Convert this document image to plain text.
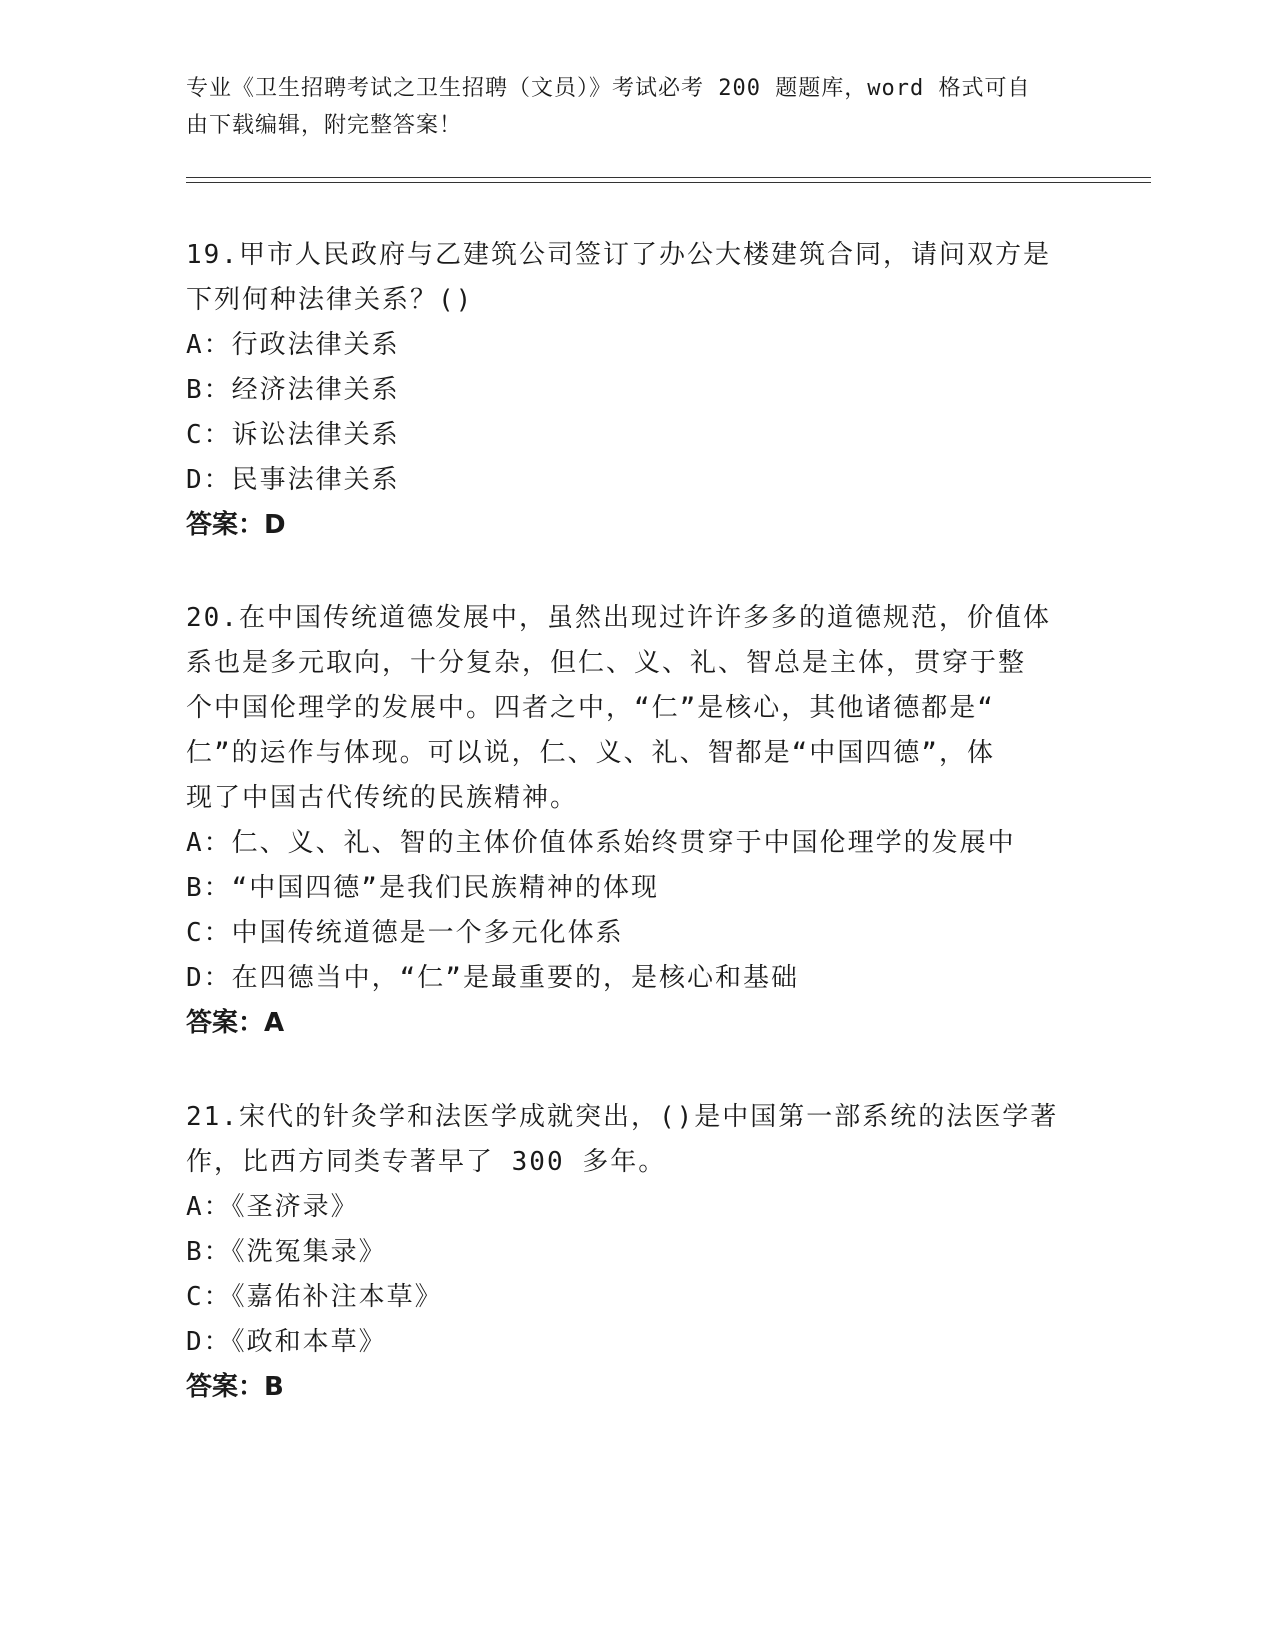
专业《卫生招聘考试之卫生招聘（文员）》考试必考 200 题题库，word 格式可自
由下载编辑，附完整答案！
19.甲市人民政府与乙建筑公司签订了办公大楼建筑合同，请问双方是
下列何种法律关系？()
A：行政法律关系
B：经济法律关系
C：诉讼法律关系
D：民事法律关系
答案：D
20.在中国传统道德发展中，虽然出现过许许多多的道德规范，价值体
系也是多元取向，十分复杂，但仁、义、礼、智总是主体，贯穿于整
个中国伦理学的发展中。四者之中，“仁”是核心，其他诸德都是“
仁”的运作与体现。可以说，仁、义、礼、智都是“中国四德”，体
现了中国古代传统的民族精神。
A：仁、义、礼、智的主体价值体系始终贯穿于中国伦理学的发展中
B：“中国四德”是我们民族精神的体现
C：中国传统道德是一个多元化体系
D：在四德当中，“仁”是最重要的，是核心和基础
答案：A
21.宋代的针灸学和法医学成就突出，()是中国第一部系统的法医学著
作，比西方同类专著早了 300 多年。
A：《圣济录》
B：《洗冤集录》
C：《嘉佑补注本草》
D：《政和本草》
答案：B
